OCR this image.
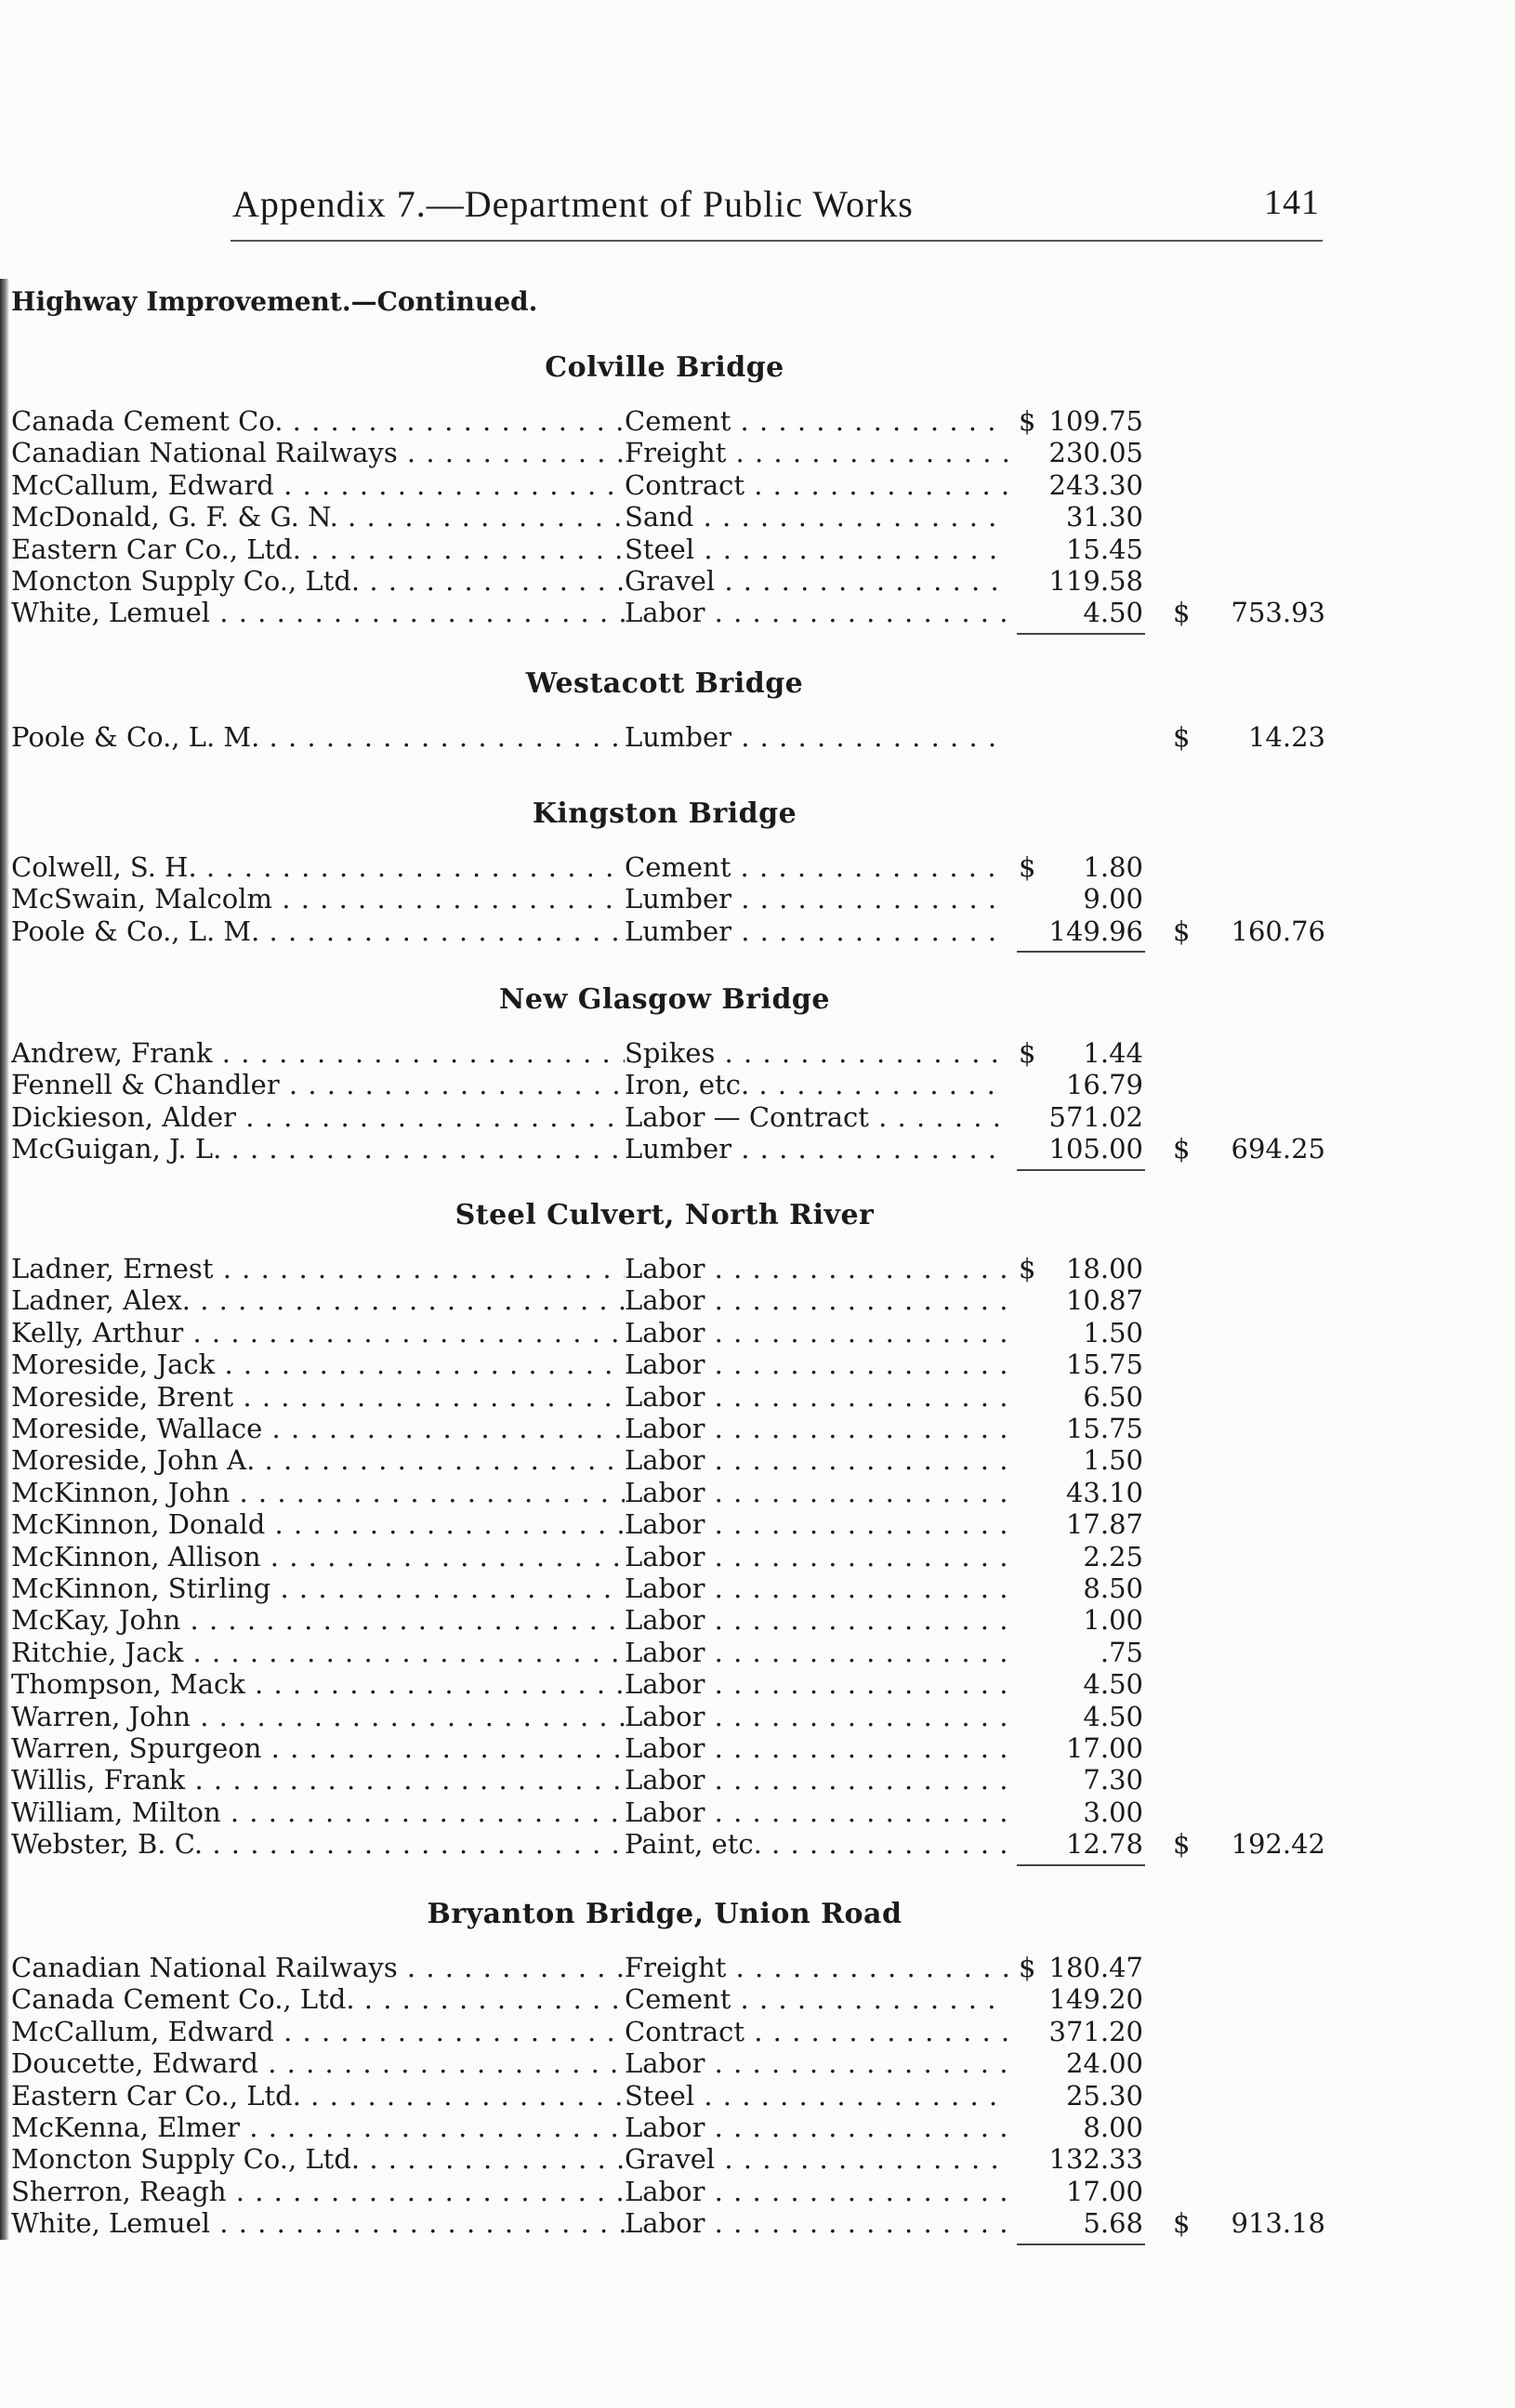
Appendix 7.—Department of Public Works	141
Highway Improvement.—Continued.
Colville Bridge
Canada Cement Co. . . .	Cement . . .	$ 109.75
Canadian National Railways . . .	Freight . . .	230.05
McCallum, Edward . . .	Contract . . .	243.30
McDonald, G. F. & G. N. . . .	Sand . . .	31.30
Eastern Car Co., Ltd. . . .	Steel . . .	15.45
Moncton Supply Co., Ltd. . . .	Gravel . . .	119.58
White, Lemuel . . .	Labor . . .	4.50 $ 753.93
Westacott Bridge
Poole & Co., L. M. . . .	Lumber . . .	$ 14.23
Kingston Bridge
Colwell, S. H. . . .	Cement . . .	$ 1.80
McSwain, Malcolm . . .	Lumber . . .	9.00
Poole & Co., L. M. . . .	Lumber . . .	149.96 $ 160.76
New Glasgow Bridge
Andrew, Frank . . .	Spikes . . .	$ 1.44
Fennell & Chandler . . .	Iron, etc. . . .	16.79
Dickieson, Alder . . .	Labor — Contract . . .	571.02
McGuigan, J. L. . . .	Lumber . . .	105.00 $ 694.25
Steel Culvert, North River
Ladner, Ernest . . .	Labor . . .	$ 18.00
Ladner, Alex. . . .	Labor . . .	10.87
Kelly, Arthur . . .	Labor . . .	1.50
Moreside, Jack . . .	Labor . . .	15.75
Moreside, Brent . . .	Labor . . .	6.50
Moreside, Wallace . . .	Labor . . .	15.75
Moreside, John A. . . .	Labor . . .	1.50
McKinnon, John . . .	Labor . . .	43.10
McKinnon, Donald . . .	Labor . . .	17.87
McKinnon, Allison . . .	Labor . . .	2.25
McKinnon, Stirling . . .	Labor . . .	8.50
McKay, John . . .	Labor . . .	1.00
Ritchie, Jack . . .	Labor . . .	.75
Thompson, Mack . . .	Labor . . .	4.50
Warren, John . . .	Labor . . .	4.50
Warren, Spurgeon . . .	Labor . . .	17.00
Willis, Frank . . .	Labor . . .	7.30
William, Milton . . .	Labor . . .	3.00
Webster, B. C. . . .	Paint, etc. . . .	12.78 $ 192.42
Bryanton Bridge, Union Road
Canadian National Railways . . .	Freight . . .	$ 180.47
Canada Cement Co., Ltd. . . .	Cement . . .	149.20
McCallum, Edward . . .	Contract . . .	371.20
Doucette, Edward . . .	Labor . . .	24.00
Eastern Car Co., Ltd. . . .	Steel . . .	25.30
McKenna, Elmer . . .	Labor . . .	8.00
Moncton Supply Co., Ltd. . . .	Gravel . . .	132.33
Sherron, Reagh . . .	Labor . . .	17.00
White, Lemuel . . .	Labor . . .	5.68 $ 913.18
